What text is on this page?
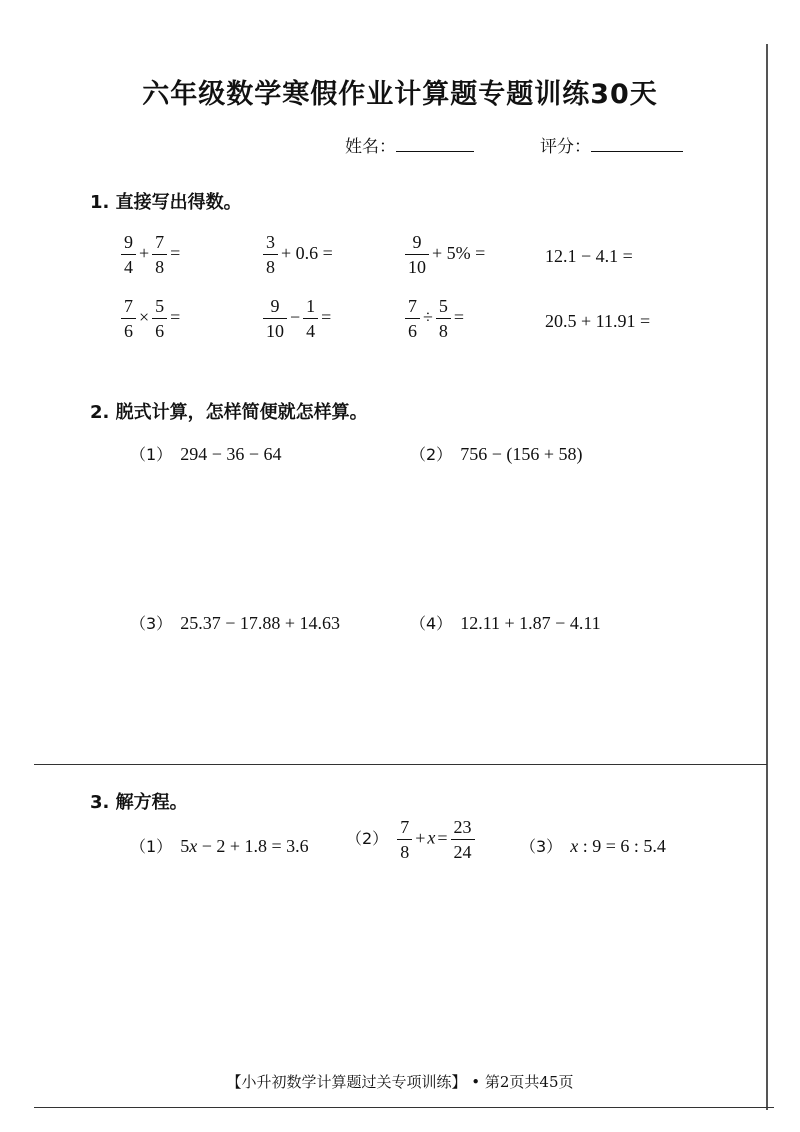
六年级数学寒假作业计算题专题训练30天
姓名：	评分：
1. 直接写出得数。
$\frac{9}{4} + \frac{7}{8}$ =	$\frac{3}{8} + 0.6$ =	$\frac{9}{10} + 5\%$ =	12.1 − 4.1 =
$\frac{7}{6} \times \frac{5}{6}$ =	$\frac{9}{10} - \frac{1}{4}$ =	$\frac{7}{6} \div \frac{5}{8}$ =	20.5 + 11.91 =
2. 脱式计算，怎样简便就怎样算。
（1） 294 − 36 − 64	（2） 756 − (156 + 58)
（3） 25.37 − 17.88 + 14.63	（4） 12.11 + 1.87 − 4.11
3. 解方程。
（1） 5x − 2 + 1.8 = 3.6 $(2) \frac{7}{8} + x = \frac{23}{24}$	（3） x : 9 = 6 : 5.4
【小升初数学计算题过关专项训练】 • 第2页共45页
